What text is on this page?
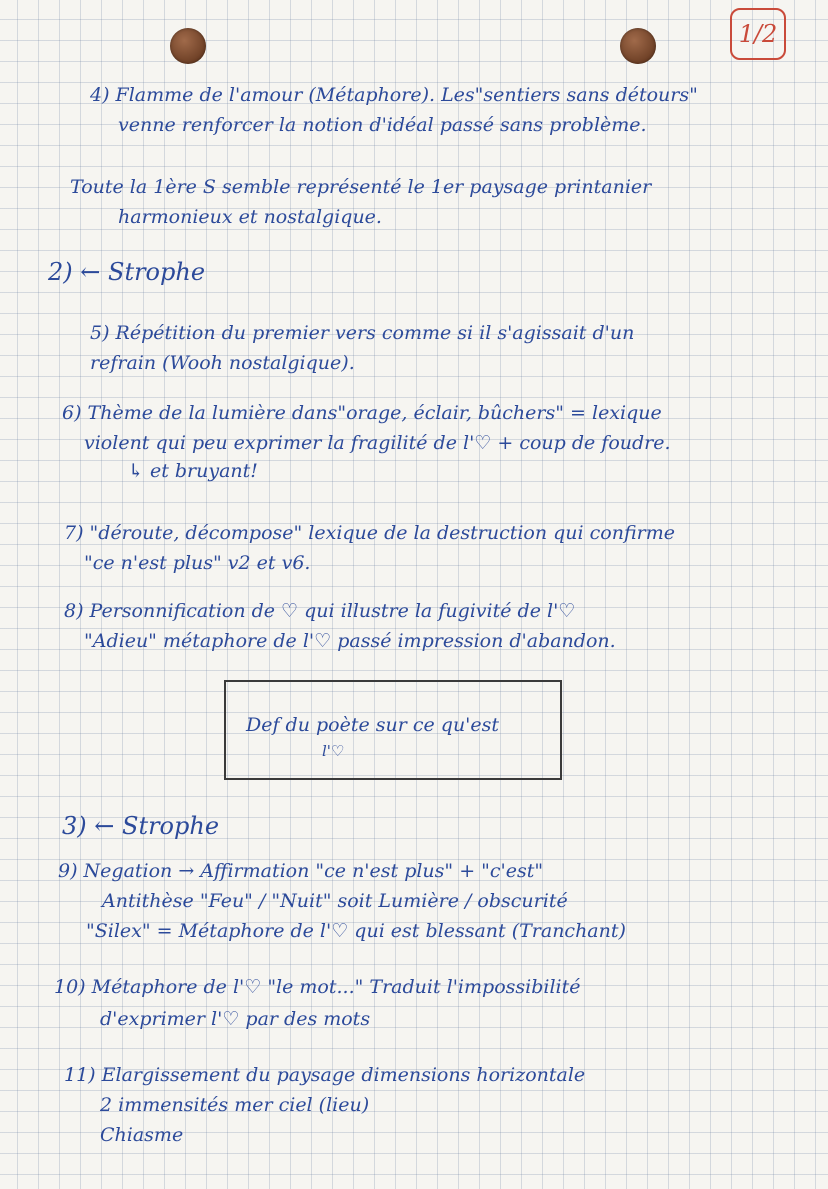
1/2
4) Flamme de l'amour (Métaphore). Les"sentiers sans détours"
venne renforcer la notion d'idéal passé sans problème.
Toute la 1ère S semble représenté le 1er paysage printanier
harmonieux et nostalgique.
2) ← Strophe
5) Répétition du premier vers comme si il s'agissait d'un
refrain (Wooh nostalgique).
6) Thème de la lumière dans"orage, éclair, bûchers" = lexique
violent qui peu exprimer la fragilité de l'♡ + coup de foudre.
↳ et bruyant!
7) "déroute, décompose" lexique de la destruction qui confirme
"ce n'est plus" v2 et v6.
8) Personnification de ♡ qui illustre la fugivité de l'♡
"Adieu" métaphore de l'♡ passé impression d'abandon.
Def du poète sur ce qu'est
l'♡
3) ← Strophe
9) Negation → Affirmation "ce n'est plus" + "c'est"
Antithèse "Feu" / "Nuit" soit Lumière / obscurité
"Silex" = Métaphore de l'♡ qui est blessant (Tranchant)
10) Métaphore de l'♡ "le mot..." Traduit l'impossibilité
d'exprimer l'♡ par des mots
11) Elargissement du paysage dimensions horizontale
2 immensités mer ciel (lieu)
Chiasme
